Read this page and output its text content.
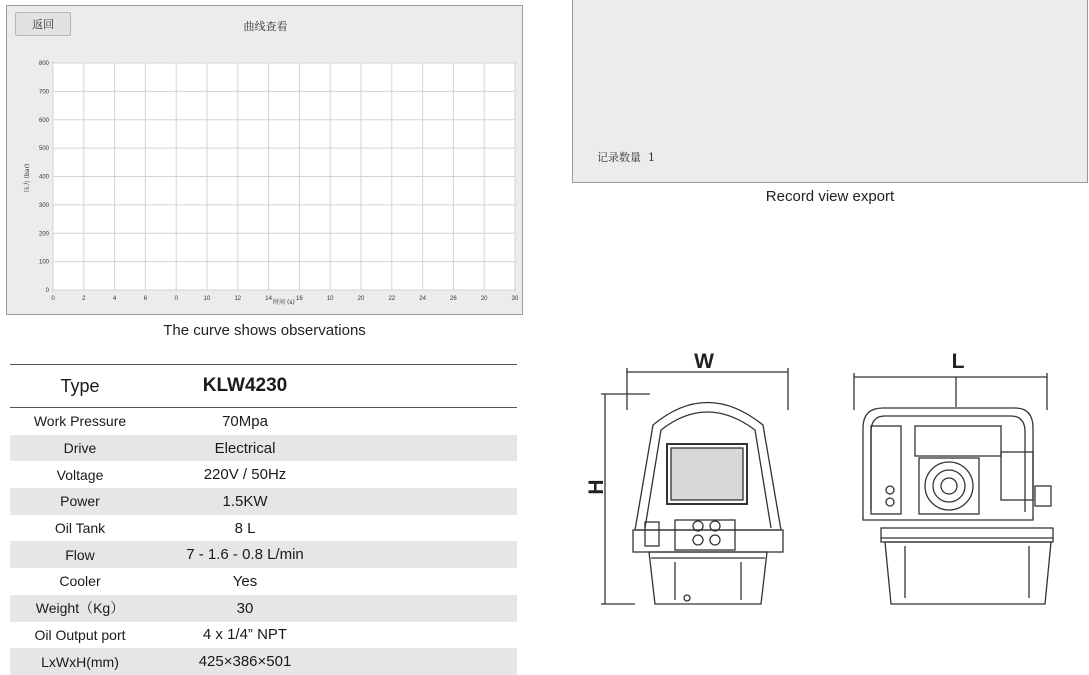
返回	曲线查看
0	2	4	6	0	10	12	14	16	10	20	22	24	26	20	30
0
100
200
300
400
500
600
700
800
压力 (bar)
时间 (s)
The curve shows observations
记录数量 1
Record view export
Type	KLW4230
Work Pressure	70Mpa
Drive	Electrical
Voltage	220V / 50Hz
Power	1.5KW
Oil Tank	8 L
Flow	7 - 1.6 - 0.8 L/min
Cooler	Yes
Weight（Kg）	30
Oil Output port	4 x 1/4” NPT
LxWxH(mm)	425×386×501
W	L
H
